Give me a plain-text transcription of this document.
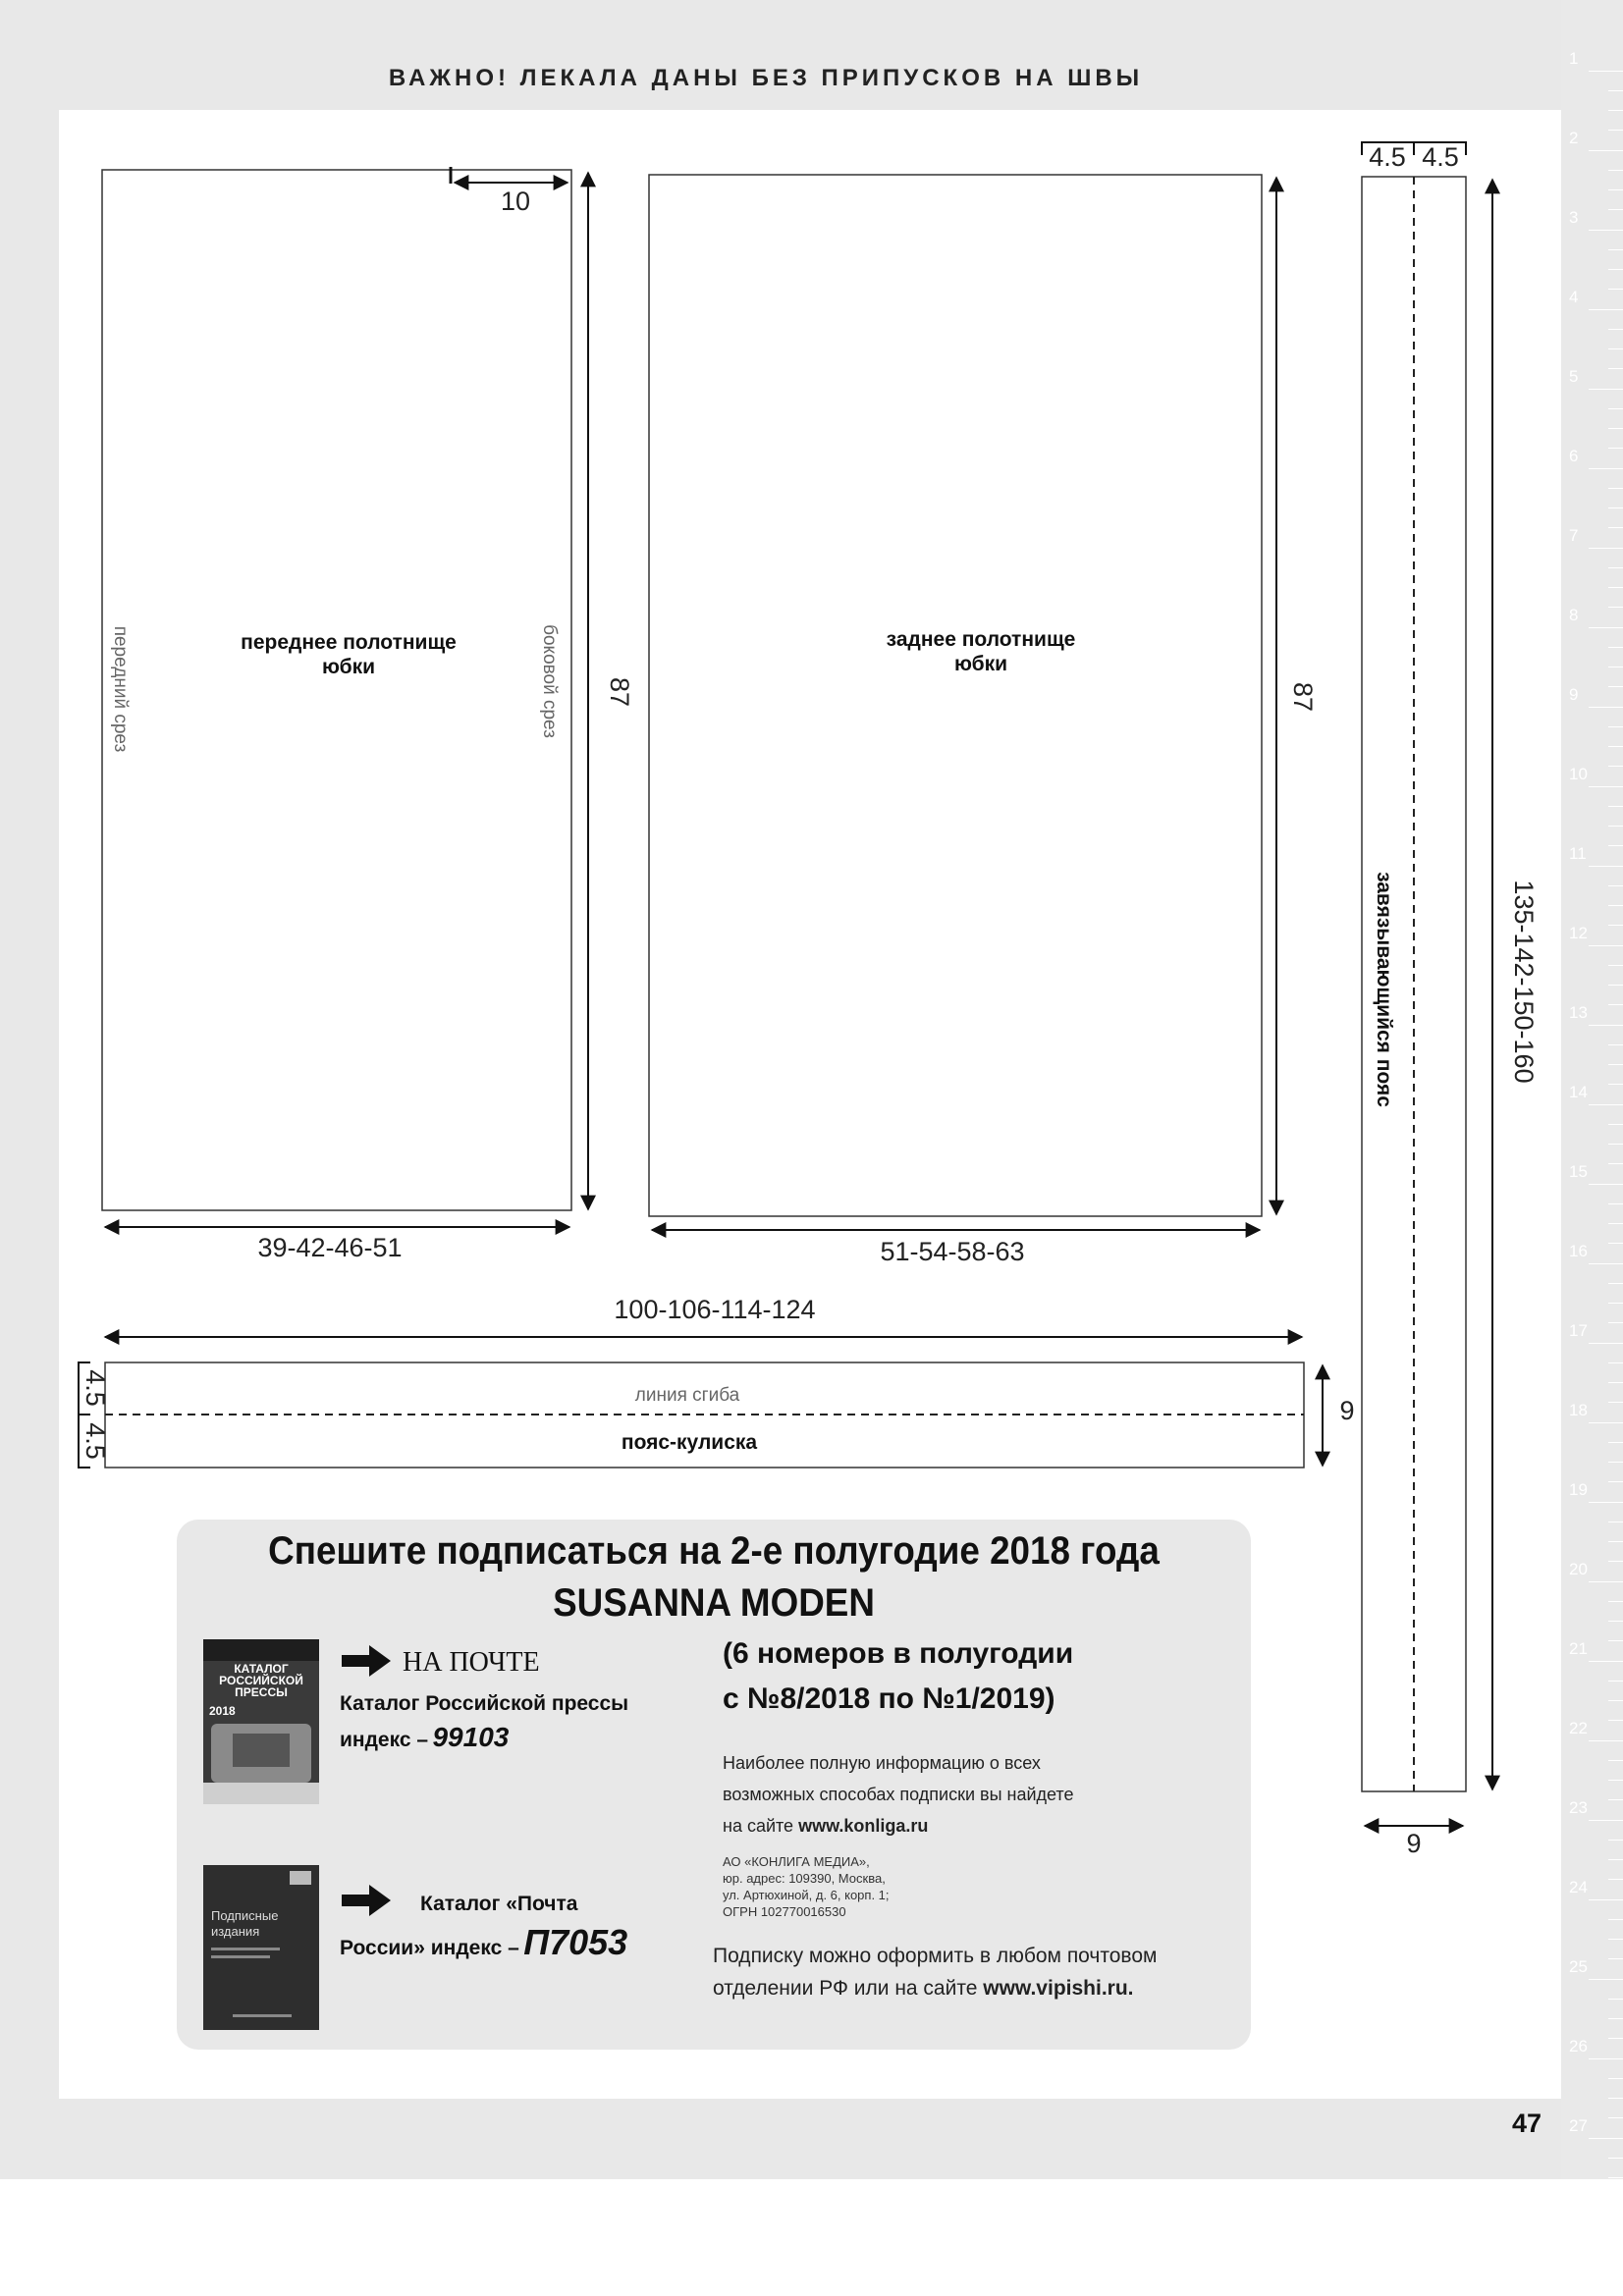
1
2
3
4
5
6
7
8
9
10
11
12
13
14
15
16
17
18
19
20
21
22
23
24
25
26
27
ВАЖНО! ЛЕКАЛА ДАНЫ БЕЗ ПРИПУСКОВ НА ШВЫ
10
87
переднее полотнище
юбки
передний срез	боковой срез
39-42-46-51
87
заднее полотнище
юбки
51-54-58-63
4.5 4.5
завязывающийся пояс	135-142-150-160
9
100-106-114-124
линия сгиба
пояс-кулиска
4.5
4.5
9
Спешите подписаться на 2-е полугодие 2018 года
SUSANNA MODEN
КАТАЛОГ РОССИЙСКОЙ ПРЕССЫ
2018
НА ПОЧТЕ
Каталог Российской прессы
индекс – 99103
Подписные издания
Каталог «Почта
России» индекс – П7053
(6 номеров в полугодии
с №8/2018 по №1/2019)
Наиболее полную информацию о всех
возможных способах подписки вы найдете
на сайте www.konliga.ru
АО «КОНЛИГА МЕДИА»,
юр. адрес: 109390, Москва,
ул. Артюхиной, д. 6, корп. 1;
ОГРН 102770016530
Подписку можно оформить в любом почтовом
отделении РФ или на сайте www.vipishi.ru.
47
